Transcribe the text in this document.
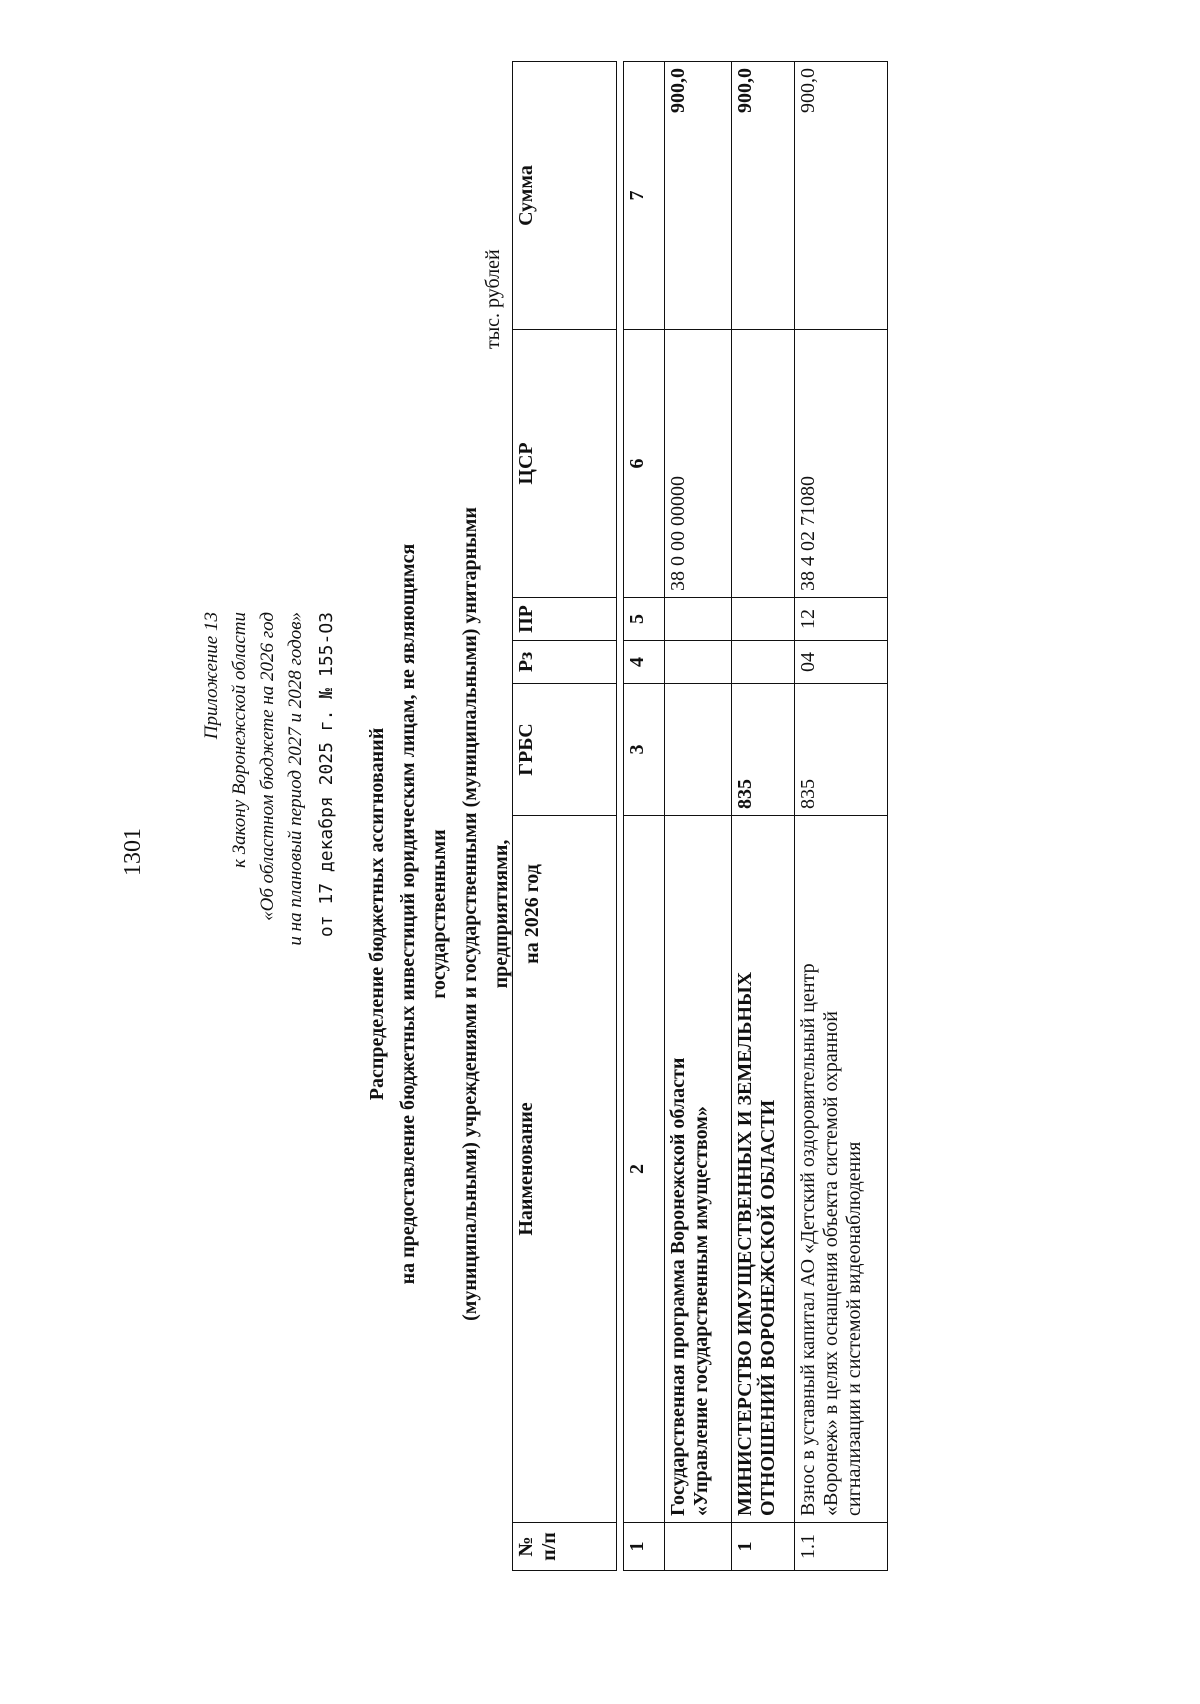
1301
Приложение 13 к Закону Воронежской области «Об областном бюджете на 2026 год и на плановый период 2027 и 2028 годов» от 17 декабря 2025 г. № 155-ОЗ	Распределение бюджетных ассигнований на предоставление бюджетных инвестиций юридическим лицам, не являющимся государственными (муниципальными) учреждениями и государственными (муниципальными) унитарными предприятиями, на 2026 год
тыс. рублей
№ п/п	Наименование	ГРБС	Рз	ПР	ЦСР	Сумма
1	2	3	4	5	6	7

	Государственная программа Воронежской области «Управление государственным имуществом»				38 0 00 00000	900,0
1	МИНИСТЕРСТВО ИМУЩЕСТВЕННЫХ И ЗЕМЕЛЬНЫХ ОТНОШЕНИЙ ВОРОНЕЖСКОЙ ОБЛАСТИ	835				900,0
1.1	Взнос в уставный капитал АО «Детский оздоровительный центр «Воронеж» в целях оснащения объекта системой охранной сигнализации и системой видеонаблюдения	835	04	12	38 4 02 71080	900,0
